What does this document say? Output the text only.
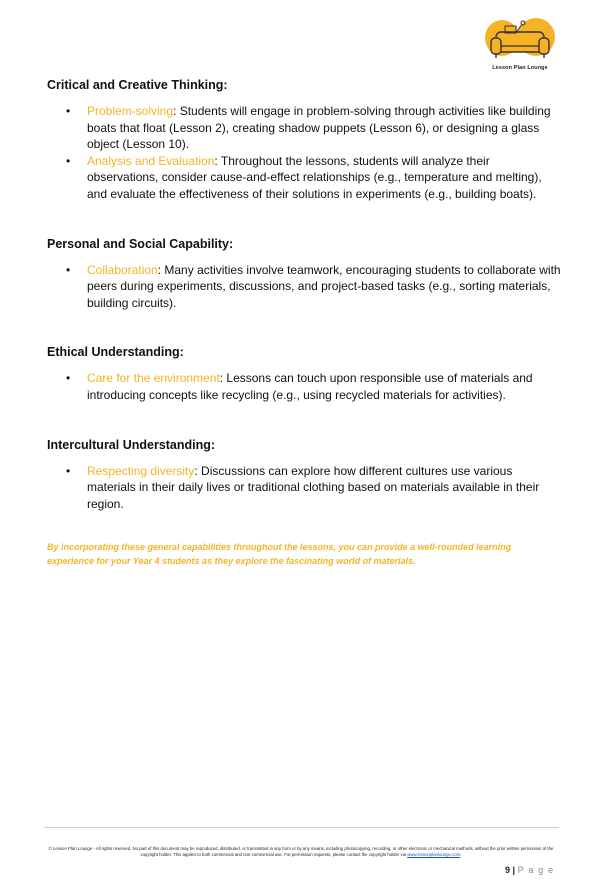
Lesson Plan Lounge

Critical and Creative Thinking:

• Problem-solving: Students will engage in problem-solving through activities like building boats that float (Lesson 2), creating shadow puppets (Lesson 6), or designing a glass object (Lesson 10).
• Analysis and Evaluation: Throughout the lessons, students will analyze their observations, consider cause-and-effect relationships (e.g., temperature and melting), and evaluate the effectiveness of their solutions in experiments (e.g., building boats).

Personal and Social Capability:

• Collaboration: Many activities involve teamwork, encouraging students to collaborate with peers during experiments, discussions, and project-based tasks (e.g., sorting materials, building circuits).

Ethical Understanding:

• Care for the environment: Lessons can touch upon responsible use of materials and introducing concepts like recycling (e.g., using recycled materials for activities).

Intercultural Understanding:

• Respecting diversity: Discussions can explore how different cultures use various materials in their daily lives or traditional clothing based on materials available in their region.

By incorporating these general capabilities throughout the lessons, you can provide a well-rounded learning experience for your Year 4 students as they explore the fascinating world of materials.

© Lesson Plan Lounge - All rights reserved. No part of this document may be reproduced, distributed, or transmitted in any form or by any means, including photocopying, recording, or other electronic or mechanical methods, without the prior written permission of the copyright holder. This applies to both commercial and non-commercial use. For permission requests, please contact the copyright holder via www.lessonplanlounge.com.
9 | P a g e
